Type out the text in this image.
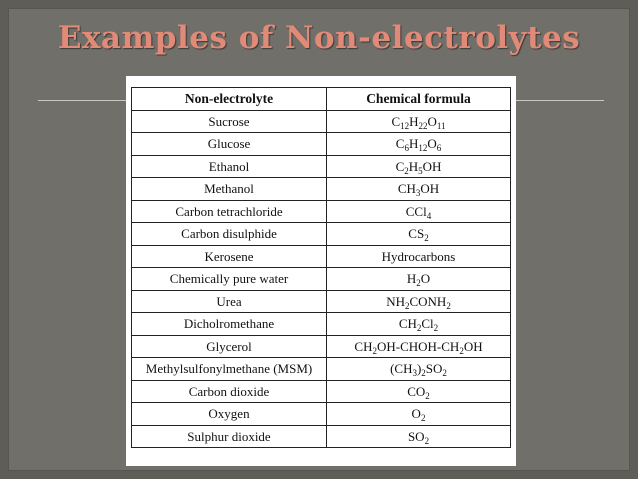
Examples of Non-electrolytes
Non-electrolyte	Chemical formula
Sucrose	$C_{12}H_{22}O_{11}$
Glucose	$C_6H_{12}O_6$
Ethanol	$C_2H_5OH$
Methanol	$CH_3OH$
Carbon tetrachloride	CCl$_4$
Carbon disulphide	$CS_2$
Kerosene	Hydrocarbons
Chemically pure water	$H_2O$
Urea	$NH_2CONH_2$
Dicholromethane	$CH_2Cl_2$
Glycerol	$CH_2OH-CHOH-CH_2OH$
Methylsulfonylmethane (MSM)	$(CH_3)_2SO_2$
Carbon dioxide	$CO_2$
Oxygen	$O_2$
Sulphur dioxide	$SO_2$
